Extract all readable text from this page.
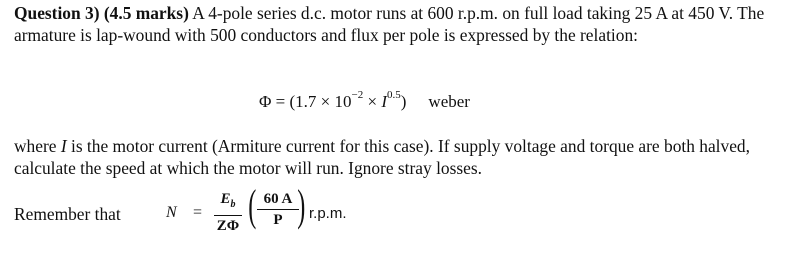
Question 3) (4.5 marks) A 4-pole series d.c. motor runs at 600 r.p.m. on full load taking 25 A at 450 V. The armature is lap-wound with 500 conductors and flux per pole is expressed by the relation:

$\Phi = (1.7 \times 10^{-2} \times I^{0.5})$ weber

where I is the motor current (Armiture current for this case). If supply voltage and torque are both halved, calculate the speed at which the motor will run. Ignore stray losses.

Remember that	N =
$E_b$
ZΦ ( 60 A
P ) r.p.m.
